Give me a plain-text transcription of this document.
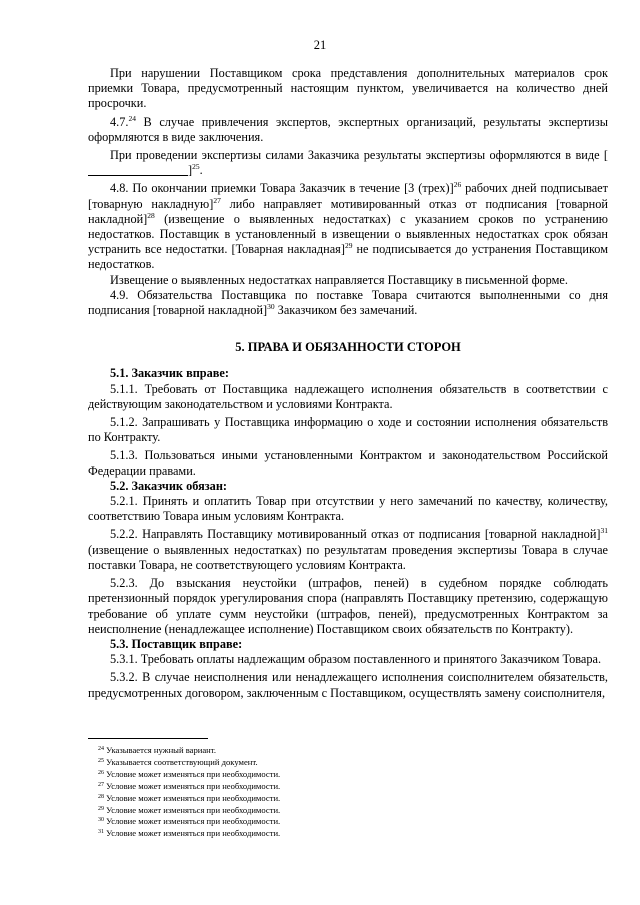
21

При нарушении Поставщиком срока представления дополнительных материалов срок приемки Товара, предусмотренный настоящим пунктом, увеличивается на количество дней просрочки.

4.7.24 В случае привлечения экспертов, экспертных организаций, результаты экспертизы оформляются в виде заключения.

При проведении экспертизы силами Заказчика результаты экспертизы оформляются в виде []$^{25}$.

4.8. По окончании приемки Товара Заказчик в течение [3 (трех)]$^{26}$ рабочих дней подписывает [товарную накладную]$^{27}$ либо направляет мотивированный отказ от подписания [товарной накладной]$^{28}$ (извещение о выявленных недостатках) с указанием сроков по устранению недостатков. Поставщик в установленный в извещении о выявленных недостатках срок обязан устранить все недостатки. [Товарная накладная]$^{29}$ не подписывается до устранения Поставщиком недостатков.

Извещение о выявленных недостатках направляется Поставщику в письменной форме.

4.9. Обязательства Поставщика по поставке Товара считаются выполненными со дня подписания [товарной накладной]$^{30}$ Заказчиком без замечаний.

5. ПРАВА И ОБЯЗАННОСТИ СТОРОН

5.1. Заказчик вправе:

5.1.1. Требовать от Поставщика надлежащего исполнения обязательств в соответствии с действующим законодательством и условиями Контракта.

5.1.2. Запрашивать у Поставщика информацию о ходе и состоянии исполнения обязательств по Контракту.

5.1.3. Пользоваться иными установленными Контрактом и законодательством Российской Федерации правами.

5.2. Заказчик обязан:

5.2.1. Принять и оплатить Товар при отсутствии у него замечаний по качеству, количеству, соответствию Товара иным условиям Контракта.

5.2.2. Направлять Поставщику мотивированный отказ от подписания [товарной накладной]$^{31}$ (извещение о выявленных недостатках) по результатам проведения экспертизы Товара в случае поставки Товара, не соответствующего условиям Контракта.

5.2.3. До взыскания неустойки (штрафов, пеней) в судебном порядке соблюдать претензионный порядок урегулирования спора (направлять Поставщику претензию, содержащую требование об уплате сумм неустойки (штрафов, пеней), предусмотренных Контрактом за неисполнение (ненадлежащее исполнение) Поставщиком своих обязательств по Контракту).

5.3. Поставщик вправе:

5.3.1. Требовать оплаты надлежащим образом поставленного и принятого Заказчиком Товара.

5.3.2. В случае неисполнения или ненадлежащего исполнения соисполнителем обязательств, предусмотренных договором, заключенным с Поставщиком, осуществлять замену соисполнителя,

$^{24}$ Указывается нужный вариант.
$^{25}$ Указывается соответствующий документ.
$^{26}$ Условие может изменяться при необходимости.
$^{27}$ Условие может изменяться при необходимости.
$^{28}$ Условие может изменяться при необходимости.
$^{29}$ Условие может изменяться при необходимости.
$^{30}$ Условие может изменяться при необходимости.
$^{31}$ Условие может изменяться при необходимости.
